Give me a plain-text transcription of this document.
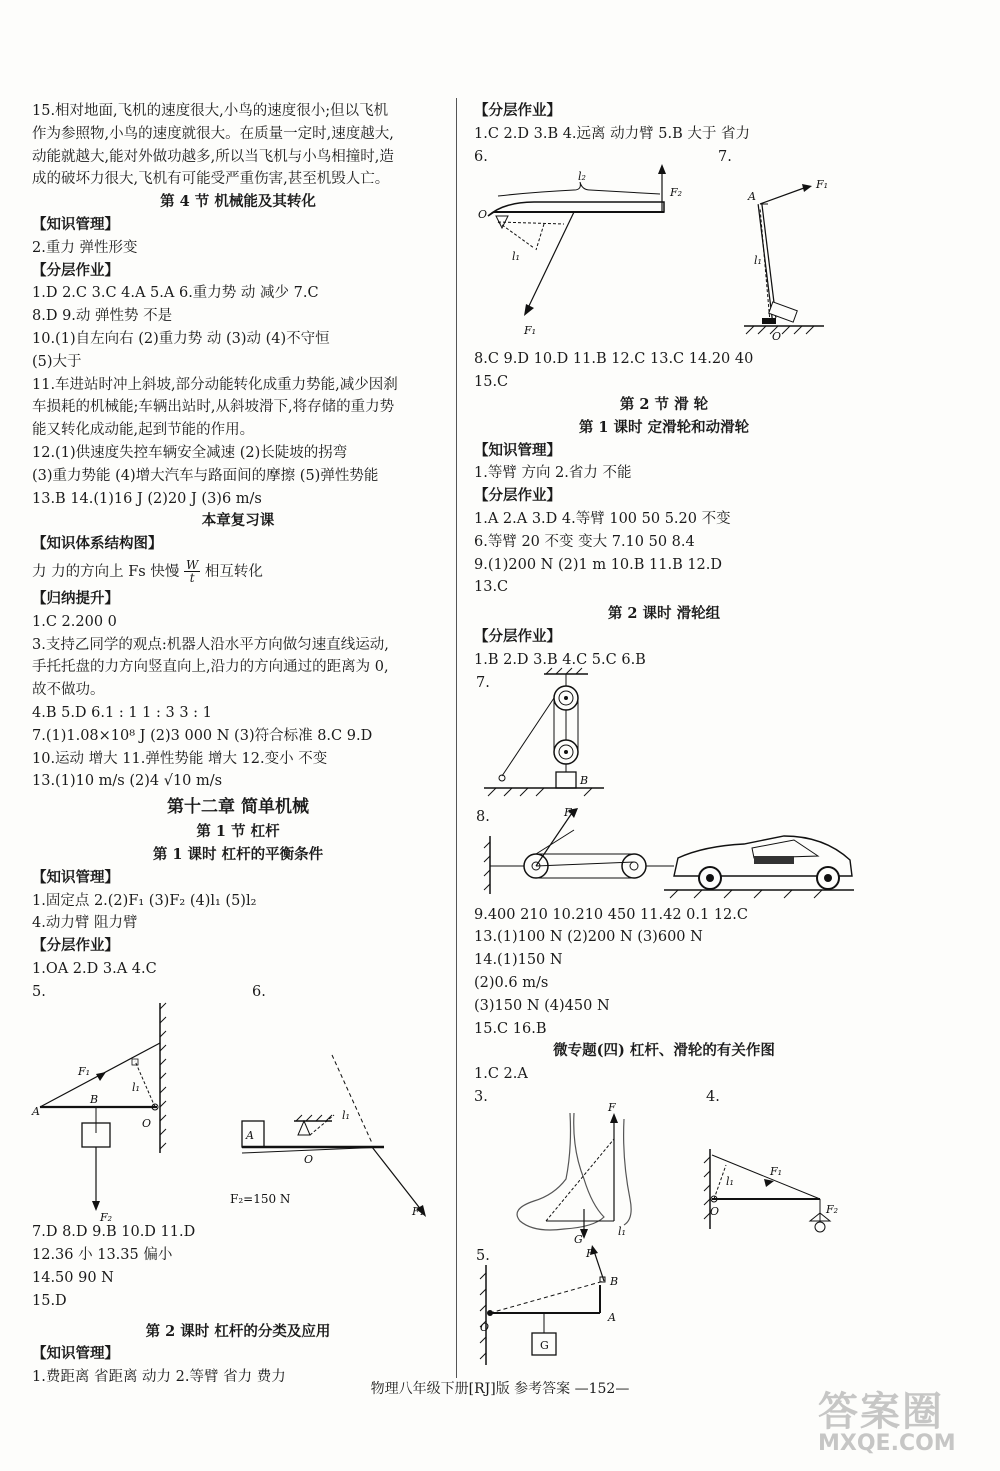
15.相对地面,飞机的速度很大,小鸟的速度很小;但以飞机
作为参照物,小鸟的速度就很大。在质量一定时,速度越大,
动能就越大,能对外做功越多,所以当飞机与小鸟相撞时,造
成的破坏力很大,飞机有可能受严重伤害,甚至机毁人亡。
第 4 节 机械能及其转化
【知识管理】
2.重力 弹性形变
【分层作业】
1.D 2.C 3.C 4.A 5.A 6.重力势 动 减少 7.C
8.D 9.动 弹性势 不是
10.(1)自左向右 (2)重力势 动 (3)动 (4)不守恒
(5)大于
11.车进站时冲上斜坡,部分动能转化成重力势能,减少因刹
车损耗的机械能;车辆出站时,从斜坡滑下,将存储的重力势
能又转化成动能,起到节能的作用。
12.(1)供速度失控车辆安全减速 (2)长陡坡的拐弯
(3)重力势能 (4)增大汽车与路面间的摩擦 (5)弹性势能
13.B 14.(1)16 J (2)20 J (3)6 m/s
本章复习课
【知识体系结构图】
力 力的方向上 Fs 快慢 $\frac{W}{t}$ 相互转化
【归纳提升】
1.C 2.200 0
3.支持乙同学的观点:机器人沿水平方向做匀速直线运动,
手托托盘的力方向竖直向上,沿力的方向通过的距离为 0,
故不做功。
4.B 5.D 6.1 : 1 1 : 3 3 : 1
7.(1)1.08×10⁸ J (2)3 000 N (3)符合标准 8.C 9.D
10.运动 增大 11.弹性势能 增大 12.变小 不变
13.(1)10 m/s (2)4 √10 m/s
第十二章 简单机械
第 1 节 杠杆
第 1 课时 杠杆的平衡条件
【知识管理】
1.固定点 2.(2)F₁ (3)F₂ (4)l₁ (5)l₂
4.动力臂 阻力臂
【分层作业】
1.OA 2.D 3.A 4.C
5.	6.
F₁
l₁
A
B
O
F₂
A
O
l₁
F₂=150 N
F₁
7.D 8.D 9.B 10.D 11.D
12.36 小 13.35 偏小
14.50 90 N
15.D
第 2 课时 杠杆的分类及应用
【知识管理】
1.费距离 省距离 动力 2.等臂 省力 费力
【分层作业】
1.C 2.D 3.B 4.远离 动力臂 5.B 大于 省力
6.	7.
l₂
F₂
O
l₁
F₁
A
F₁
l₁
O
8.C 9.D 10.D 11.B 12.C 13.C 14.20 40
15.C
第 2 节 滑 轮
第 1 课时 定滑轮和动滑轮
【知识管理】
1.等臂 方向 2.省力 不能
【分层作业】
1.A 2.A 3.D 4.等臂 100 50 5.20 不变
6.等臂 20 不变 变大 7.10 50 8.4
9.(1)200 N (2)1 m 10.B 11.B 12.D
13.C
第 2 课时 滑轮组
【分层作业】
1.B 2.D 3.B 4.C 5.C 6.B
7.
B
8.	F
9.400 210 10.210 450 11.42 0.1 12.C
13.(1)100 N (2)200 N (3)600 N
14.(1)150 N
(2)0.6 m/s
(3)150 N (4)450 N
15.C 16.B
微专题(四) 杠杆、滑轮的有关作图
1.C 2.A
3.	4.
F
G
l₁
F₁
l₁
O	F₂
5.	F
B
O
A
G
物理八年级下册[RJ]版 参考答案 —152—	答案圈
MXQE.COM
